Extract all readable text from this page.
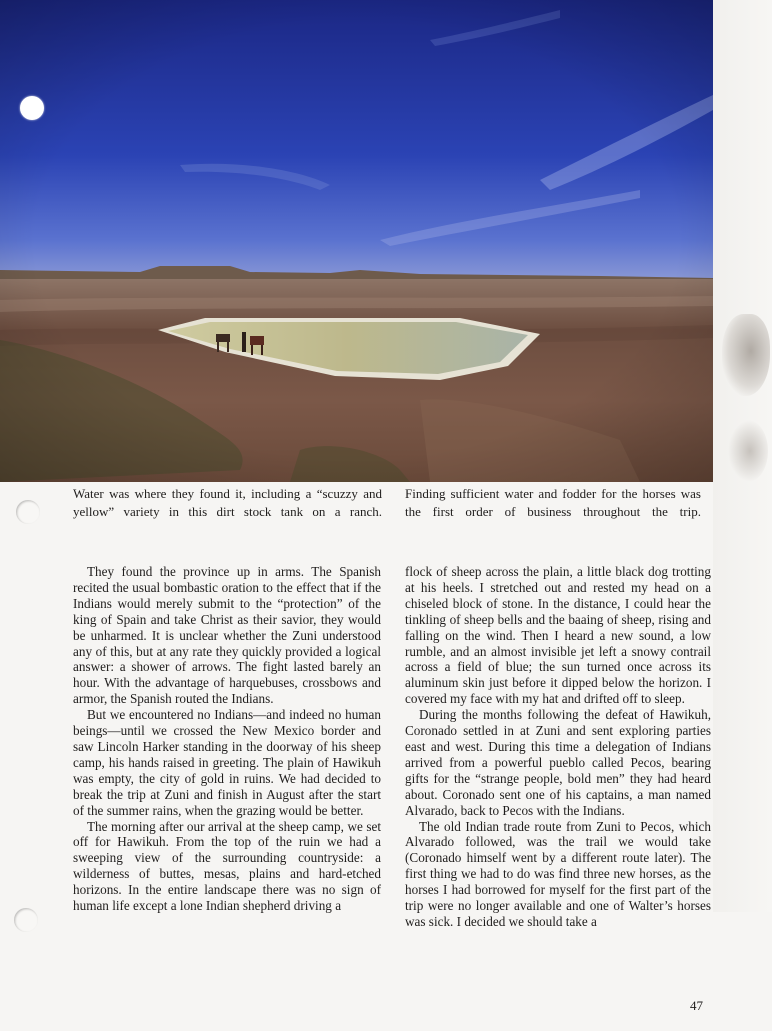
Water was where they found it, including a “scuzzy and yellow” variety in this dirt stock tank on a ranch.
Finding sufficient water and fodder for the horses was the first order of business throughout the trip.

They found the province up in arms. The Spanish recited the usual bombastic oration to the effect that if the Indians would merely submit to the “protection” of the king of Spain and take Christ as their savior, they would be unharmed. It is unclear whether the Zuni understood any of this, but at any rate they quickly provided a logical answer: a shower of arrows. The fight lasted barely an hour. With the advantage of harquebuses, crossbows and armor, the Spanish routed the Indians.

But we encountered no Indians—and indeed no human beings—until we crossed the New Mexico border and saw Lincoln Harker standing in the doorway of his sheep camp, his hands raised in greeting. The plain of Hawikuh was empty, the city of gold in ruins. We had decided to break the trip at Zuni and finish in August after the start of the summer rains, when the grazing would be better.

The morning after our arrival at the sheep camp, we set off for Hawikuh. From the top of the ruin we had a sweeping view of the surrounding countryside: a wilderness of buttes, mesas, plains and hard-etched horizons. In the entire landscape there was no sign of human life except a lone Indian shepherd driving a

flock of sheep across the plain, a little black dog trotting at his heels. I stretched out and rested my head on a chiseled block of stone. In the distance, I could hear the tinkling of sheep bells and the baaing of sheep, rising and falling on the wind. Then I heard a new sound, a low rumble, and an almost invisible jet left a snowy contrail across a field of blue; the sun turned once across its aluminum skin just before it dipped below the horizon. I covered my face with my hat and drifted off to sleep.

During the months following the defeat of Hawikuh, Coronado settled in at Zuni and sent exploring parties east and west. During this time a delegation of Indians arrived from a powerful pueblo called Pecos, bearing gifts for the “strange people, bold men” they had heard about. Coronado sent one of his captains, a man named Alvarado, back to Pecos with the Indians.

The old Indian trade route from Zuni to Pecos, which Alvarado followed, was the trail we would take (Coronado himself went by a different route later). The first thing we had to do was find three new horses, as the horses I had borrowed for myself for the first part of the trip were no longer available and one of Walter’s horses was sick. I decided we should take a

47
